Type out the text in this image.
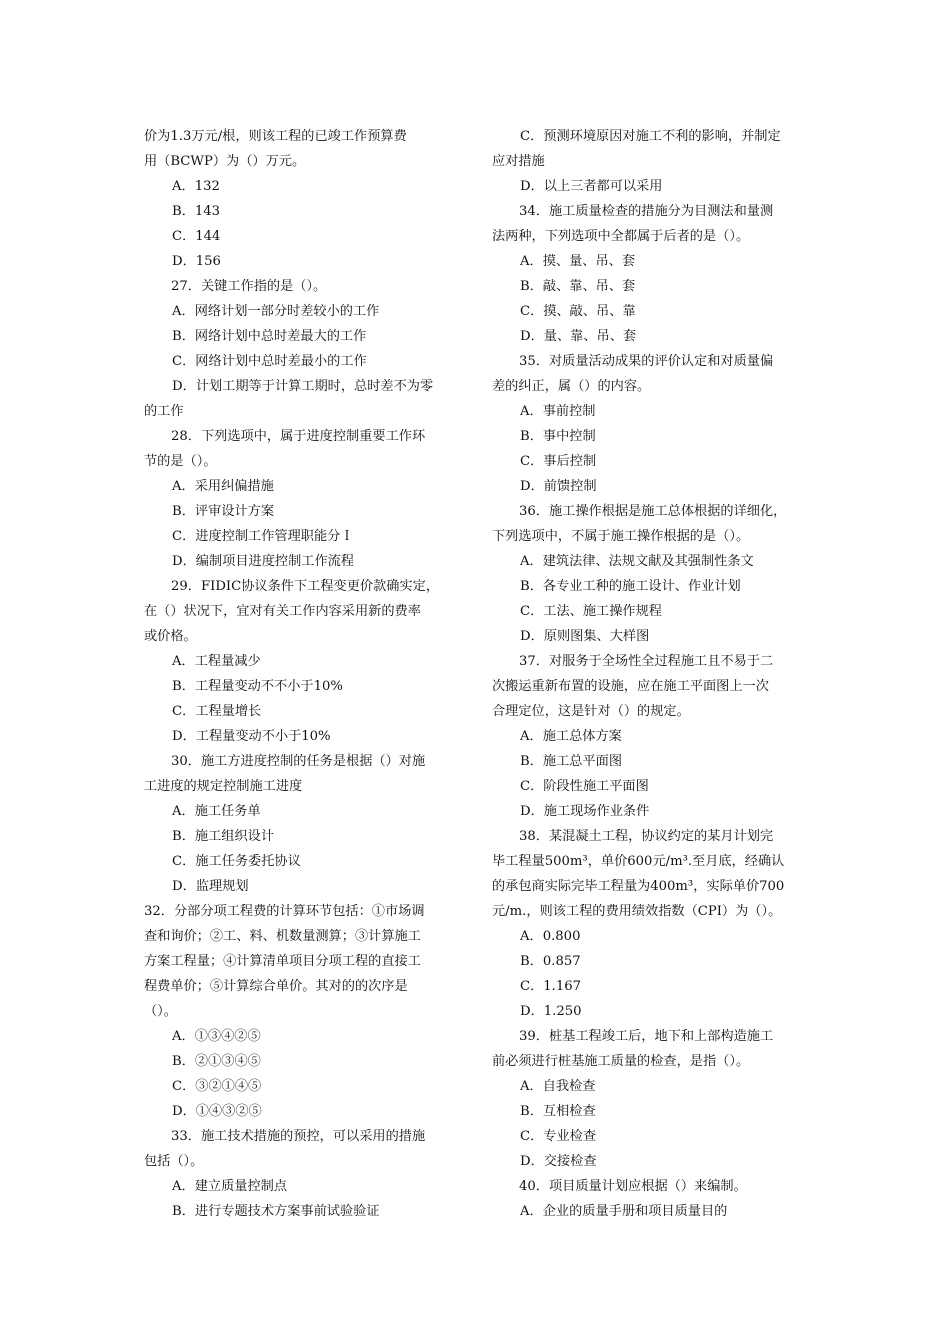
价为1.3万元/根，则该工程的已竣工作预算费
用（BCWP）为（）万元。
A．132
B．143
C．144
D．156
27．关键工作指的是（）。
A．网络计划一部分时差较小的工作
B．网络计划中总时差最大的工作
C．网络计划中总时差最小的工作
D．计划工期等于计算工期时，总时差不为零
的工作
28．下列选项中，属于进度控制重要工作环
节的是（）。
A．采用纠偏措施
B．评审设计方案
C．进度控制工作管理职能分Ｉ
D．编制项目进度控制工作流程
29．FIDIC协议条件下工程变更价款确实定，
在（）状况下，宜对有关工作内容采用新的费率
或价格。
A．工程量减少
B．工程量变动不不小于10%
C．工程量增长
D．工程量变动不小于10%
30．施工方进度控制的任务是根据（）对施
工进度的规定控制施工进度
A．施工任务单
B．施工组织设计
C．施工任务委托协议
D．监理规划
32．分部分项工程费的计算环节包括：①市场调
查和询价；②工、料、机数量测算；③计算施工
方案工程量；④计算清单项目分项工程的直接工
程费单价；⑤计算综合单价。其对的的次序是
（）。
A．①③④②⑤
B．②①③④⑤
C．③②①④⑤
D．①④③②⑤
33．施工技术措施的预控，可以采用的措施
包括（）。
A．建立质量控制点
B．进行专题技术方案事前试验验证
C．预测环境原因对施工不利的影响，并制定
应对措施
D．以上三者都可以采用
34．施工质量检查的措施分为目测法和量测
法两种，下列选项中全都属于后者的是（）。
A．摸、量、吊、套
B．敲、靠、吊、套
C．摸、敲、吊、靠
D．量、靠、吊、套
35．对质量活动成果的评价认定和对质量偏
差的纠正，属（）的内容。
A．事前控制
B．事中控制
C．事后控制
D．前馈控制
36．施工操作根据是施工总体根据的详细化，
下列选项中，不属于施工操作根据的是（）。
A．建筑法律、法规文献及其强制性条文
B．各专业工种的施工设计、作业计划
C．工法、施工操作规程
D．原则图集、大样图
37．对服务于全场性全过程施工且不易于二
次搬运重新布置的设施，应在施工平面图上一次
合理定位，这是针对（）的规定。
A．施工总体方案
B．施工总平面图
C．阶段性施工平面图
D．施工现场作业条件
38．某混凝土工程，协议约定的某月计划完
毕工程量500m³，单价600元/m³.至月底，经确认
的承包商实际完毕工程量为400m³，实际单价700
元/m.，则该工程的费用绩效指数（CPI）为（）。
A．0.800
B．0.857
C．1.167
D．1.250
39．桩基工程竣工后，地下和上部构造施工
前必须进行桩基施工质量的检查，是指（）。
A．自我检查
B．互相检查
C．专业检查
D．交接检查
40．项目质量计划应根据（）来编制。
A．企业的质量手册和项目质量目的
